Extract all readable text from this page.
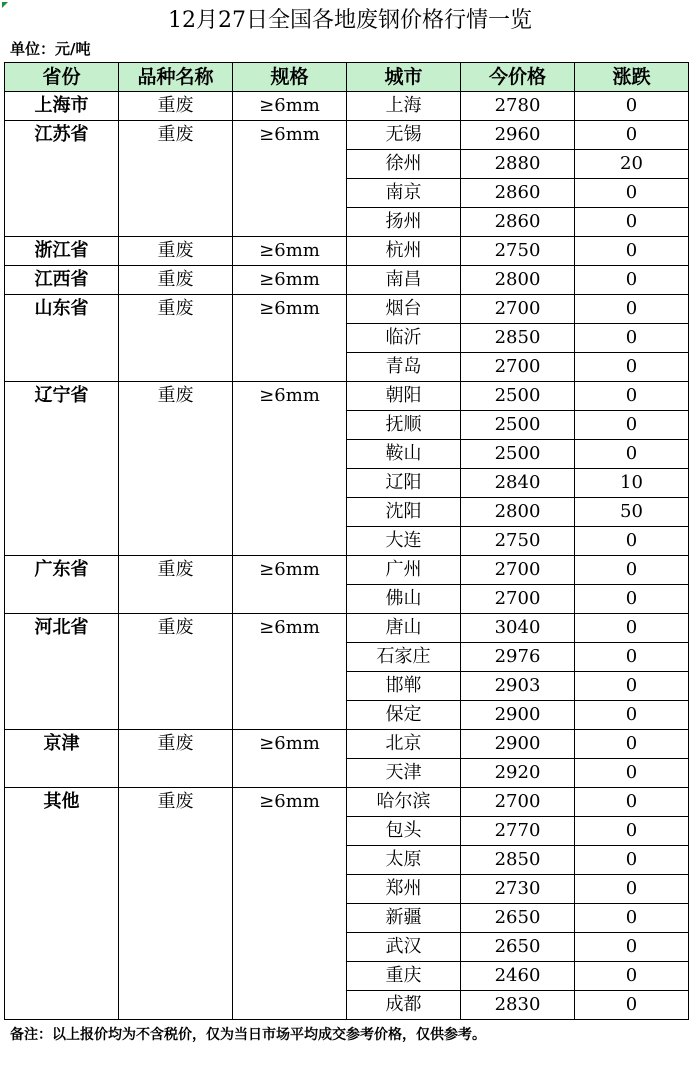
12月27日全国各地废钢价格行情一览
单位：元/吨
省份	品种名称	规格	城市	今价格	涨跌
上海市	重废	≥6mm	上海	2780	0
江苏省	重废	≥6mm	无锡	2960	0
			徐州	2880	20
			南京	2860	0
			扬州	2860	0
浙江省	重废	≥6mm	杭州	2750	0
江西省	重废	≥6mm	南昌	2800	0
山东省	重废	≥6mm	烟台	2700	0
			临沂	2850	0
			青岛	2700	0
辽宁省	重废	≥6mm	朝阳	2500	0
			抚顺	2500	0
			鞍山	2500	0
			辽阳	2840	10
			沈阳	2800	50
			大连	2750	0
广东省	重废	≥6mm	广州	2700	0
			佛山	2700	0
河北省	重废	≥6mm	唐山	3040	0
			石家庄	2976	0
			邯郸	2903	0
			保定	2900	0
京津	重废	≥6mm	北京	2900	0
			天津	2920	0
其他	重废	≥6mm	哈尔滨	2700	0
			包头	2770	0
			太原	2850	0
			郑州	2730	0
			新疆	2650	0
			武汉	2650	0
			重庆	2460	0
			成都	2830	0
备注：以上报价均为不含税价，仅为当日市场平均成交参考价格，仅供参考。
